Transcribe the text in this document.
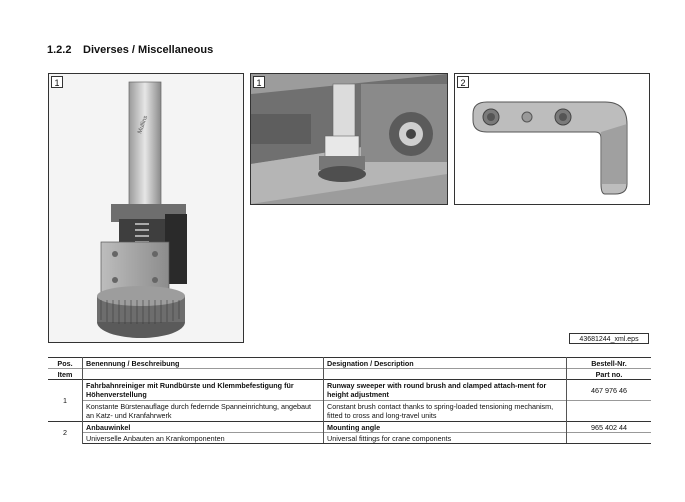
1.2.2 Diverses / Miscellaneous
1
Mullins
1	2
43681244_xml.eps
Pos.	Benennung / Beschreibung	Designation / Description	Bestell-Nr.
Item			Part no.
1	Fahrbahnreiniger mit Rundbürste und Klemmbefestigung für Höhenverstellung	Runway sweeper with round brush and clamped attach-ment for height adjustment	467 976 46
	Konstante Bürstenauflage durch federnde Spanneinrichtung, angebaut an Katz- und Kranfahrwerk	Constant brush contact thanks to spring-loaded tensioning mechanism, fitted to cross and long-travel units	
2	Anbauwinkel	Mounting angle	965 402 44
	Universelle Anbauten an Krankomponenten	Universal fittings for crane components	
